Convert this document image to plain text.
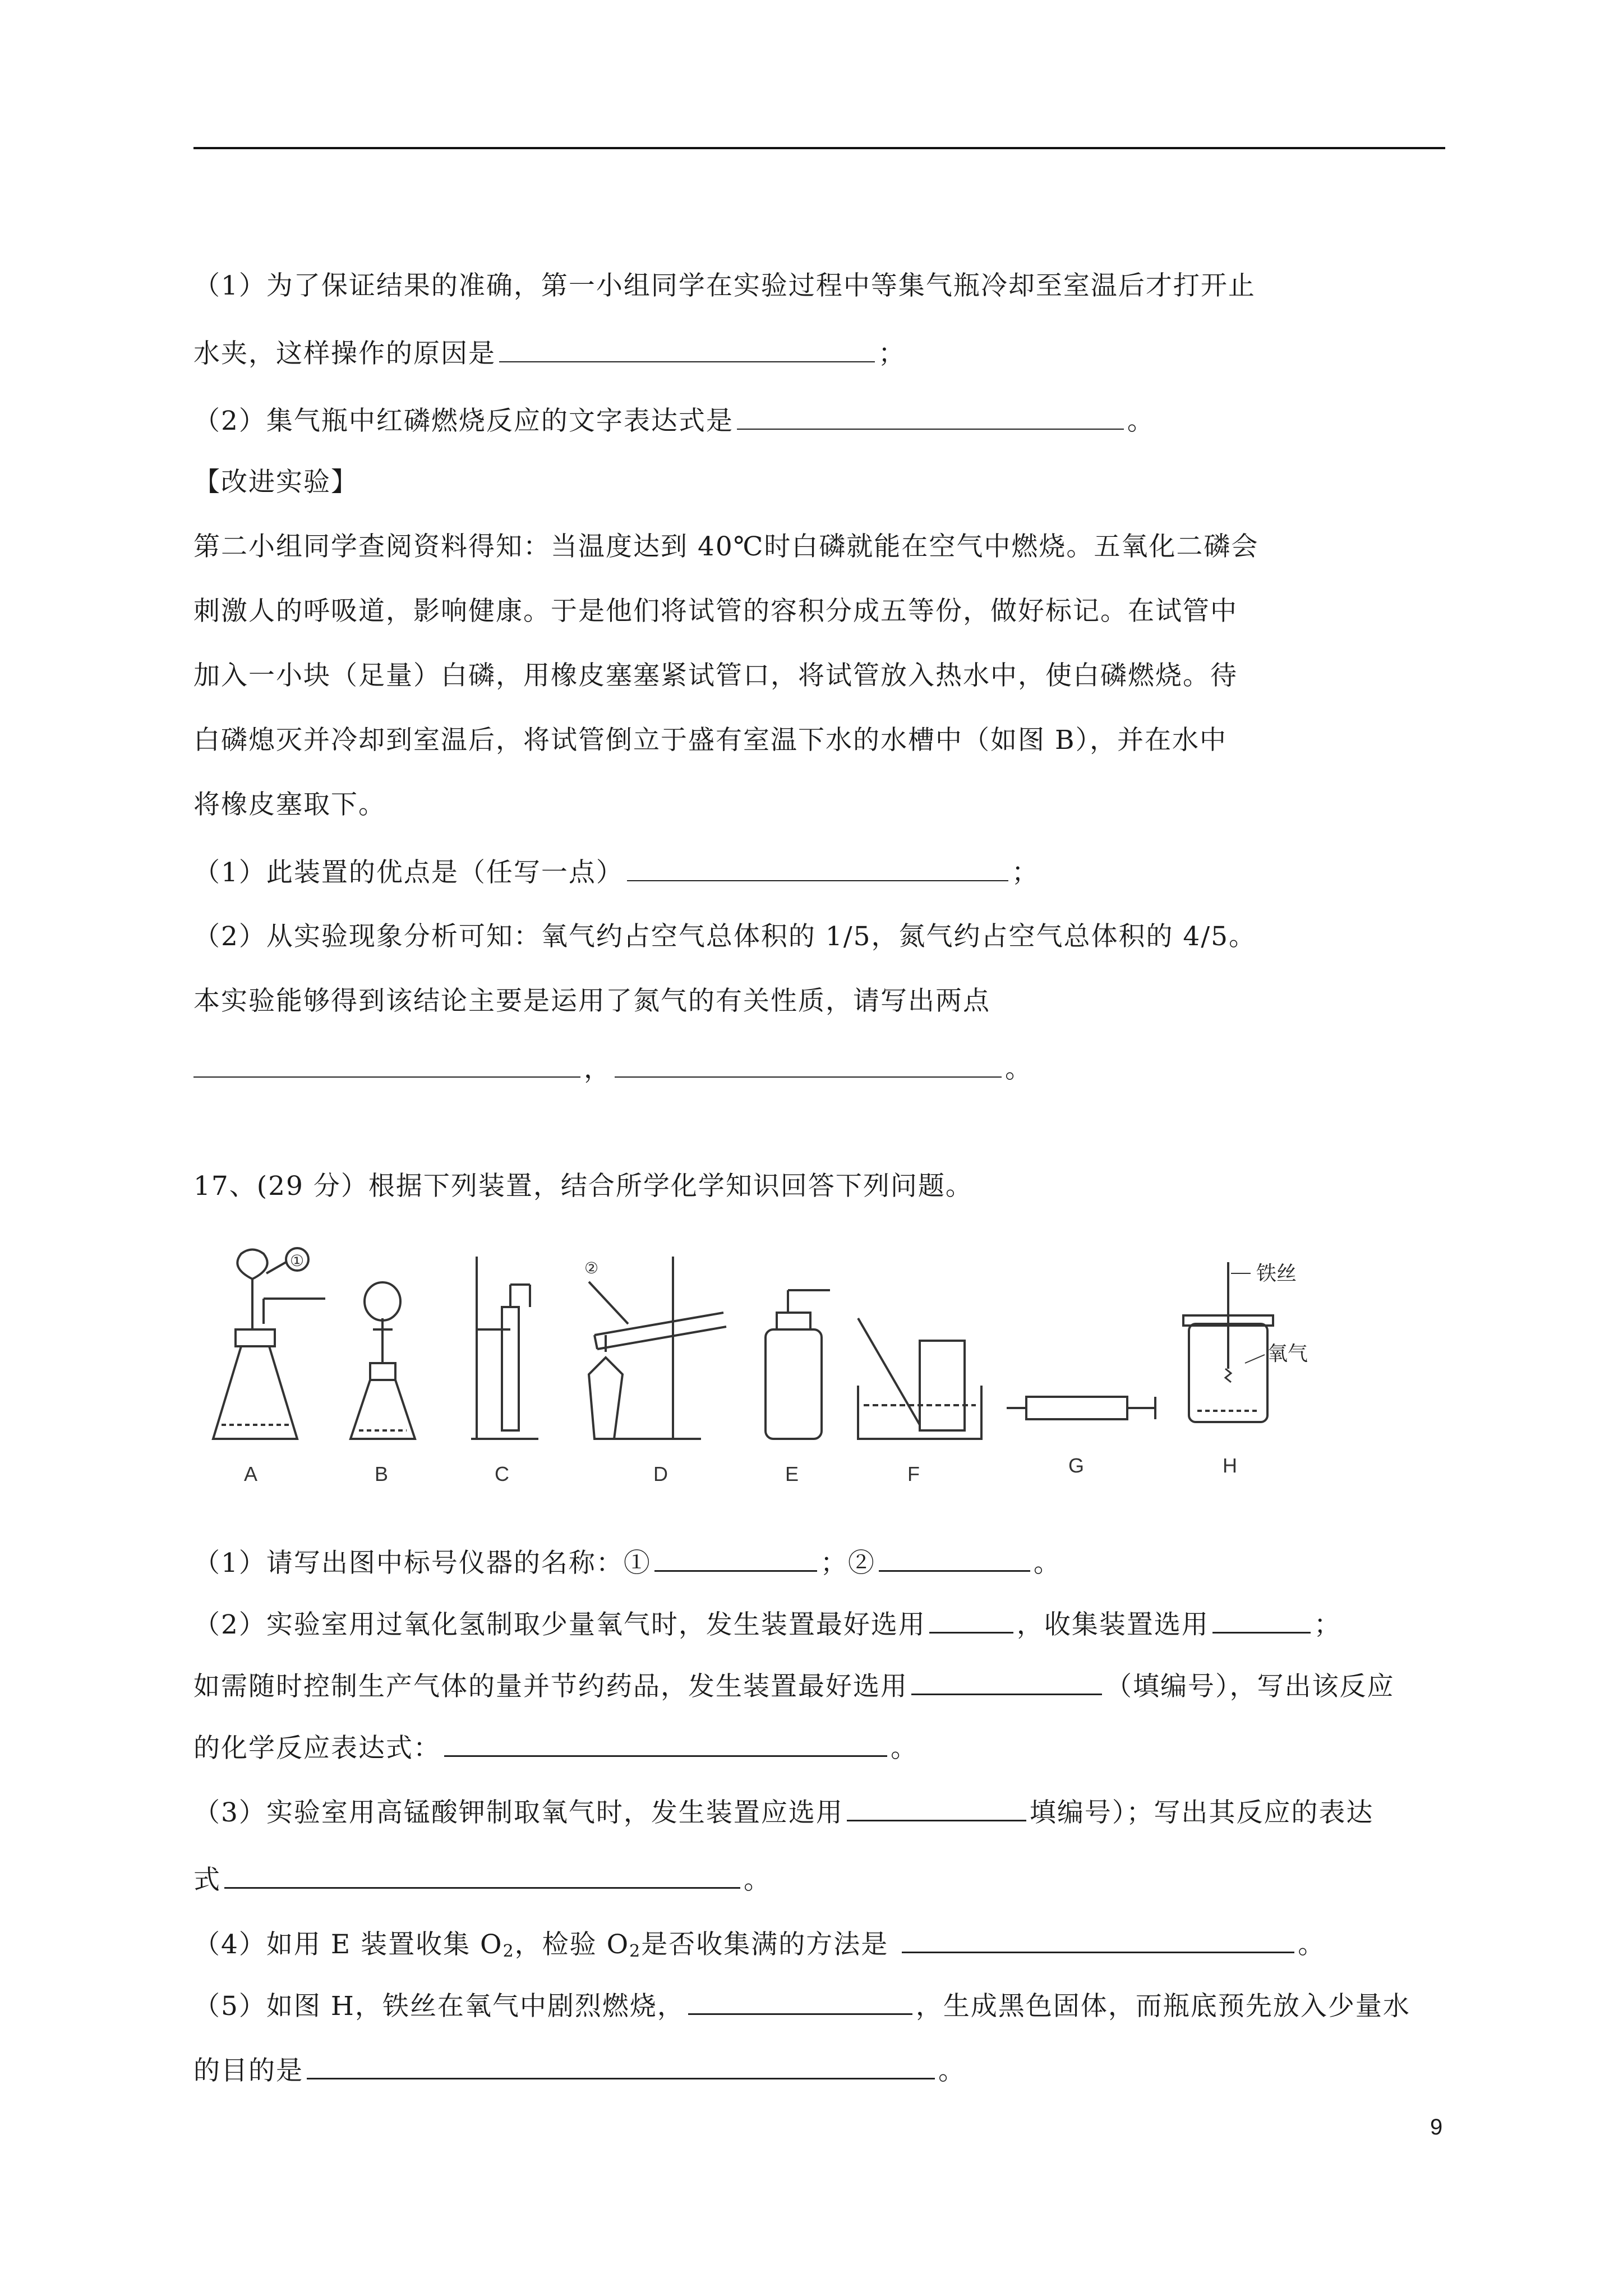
（1）为了保证结果的准确，第一小组同学在实验过程中等集气瓶冷却至室温后才打开止
水夹，这样操作的原因是	；
（2）集气瓶中红磷燃烧反应的文字表达式是	。
【改进实验】
第二小组同学查阅资料得知：当温度达到 40℃时白磷就能在空气中燃烧。五氧化二磷会
刺激人的呼吸道，影响健康。于是他们将试管的容积分成五等份，做好标记。在试管中
加入一小块（足量）白磷，用橡皮塞塞紧试管口，将试管放入热水中，使白磷燃烧。待
白磷熄灭并冷却到室温后，将试管倒立于盛有室温下水的水槽中（如图 B），并在水中
将橡皮塞取下。
（1）此装置的优点是（任写一点）	；
（2）从实验现象分析可知：氧气约占空气总体积的 1/5，氮气约占空气总体积的 4/5。
本实验能够得到该结论主要是运用了氮气的有关性质，请写出两点
，	。
17、(29 分）根据下列装置，结合所学化学知识回答下列问题。
A
①
B	C
②
D	E	F	G	H
铁丝
氧气
（1）请写出图中标号仪器的名称：①	；②	。
（2）实验室用过氧化氢制取少量氧气时，发生装置最好选用	，收集装置选用	；
如需随时控制生产气体的量并节约药品，发生装置最好选用	（填编号），写出该反应
的化学反应表达式：	。
（3）实验室用高锰酸钾制取氧气时，发生装置应选用	填编号）；写出其反应的表达
式	。
（4）如用 E 装置收集 $O_2$，检验 $O_2$是否收集满的方法是	。
（5）如图 H，铁丝在氧气中剧烈燃烧，	，生成黑色固体，而瓶底预先放入少量水
的目的是	。
9
